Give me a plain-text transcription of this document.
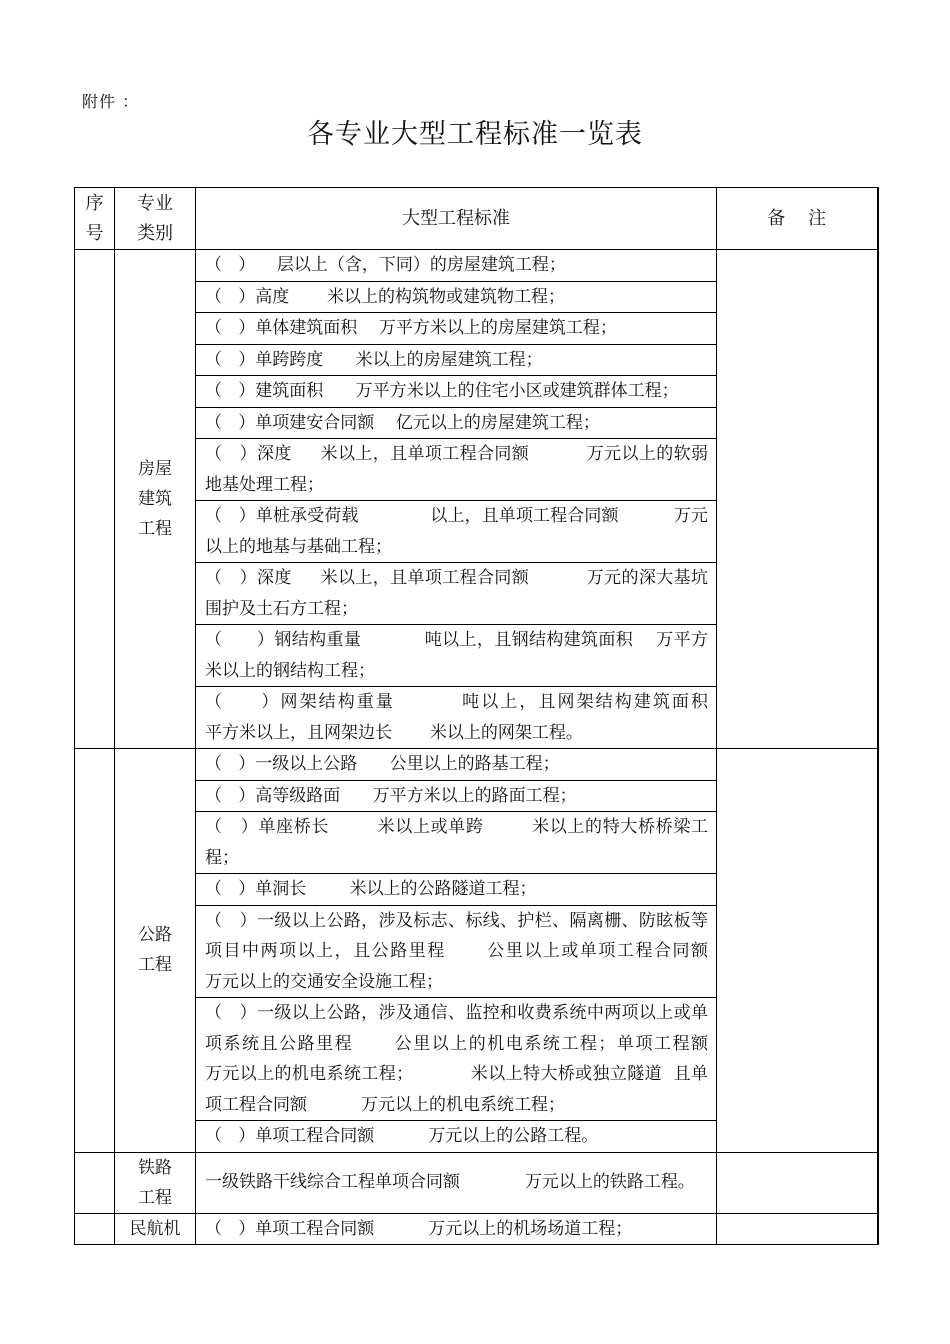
附件 ：
各专业大型工程标准一览表
序号	专业类别	大型工程标准	备    注
	房屋建筑工程	（   ）    层以上（含，下同）的房屋建筑工程；	
		（   ）高度       米以上的构筑物或建筑物工程；	
		（   ）单体建筑面积    万平方米以上的房屋建筑工程；	
		（   ）单跨跨度      米以上的房屋建筑工程；	
		（   ）建筑面积      万平方米以上的住宅小区或建筑群体工程；	
		（   ）单项建安合同额    亿元以上的房屋建筑工程；	
		（   ）深度     米以上，且单项工程合同额          万元以上的软弱地基处理工程；	
		（   ）单桩承受荷载             以上，且单项工程合同额          万元以上的地基与基础工程；	
		（   ）深度     米以上，且单项工程合同额          万元的深大基坑围护及土石方工程；	
		（      ）钢结构重量           吨以上，且钢结构建筑面积    万平方米以上的钢结构工程；	
		（     ）网架结构重量         吨以上，且网架结构建筑面积          平方米以上，且网架边长       米以上的网架工程。	
	公路工程	（   ）一级以上公路      公里以上的路基工程；	
		（   ）高等级路面      万平方米以上的路面工程；	
		（   ）单座桥长        米以上或单跨        米以上的特大桥桥梁工程；	
		（   ）单洞长        米以上的公路隧道工程；	
		（   ）一级以上公路，涉及标志、标线、护栏、隔离栅、防眩板等项目中两项以上，且公路里程      公里以上或单项工程合同额          万元以上的交通安全设施工程；	
		（   ）一级以上公路，涉及通信、监控和收费系统中两项以上或单项系统且公路里程      公里以上的机电系统工程；单项工程额          万元以上的机电系统工程；          米以上特大桥或独立隧道  且单项工程合同额          万元以上的机电系统工程；	
		（   ）单项工程合同额          万元以上的公路工程。	
	铁路工程	一级铁路干线综合工程单项合同额            万元以上的铁路工程。	
	民航机	（   ）单项工程合同额          万元以上的机场场道工程；	
